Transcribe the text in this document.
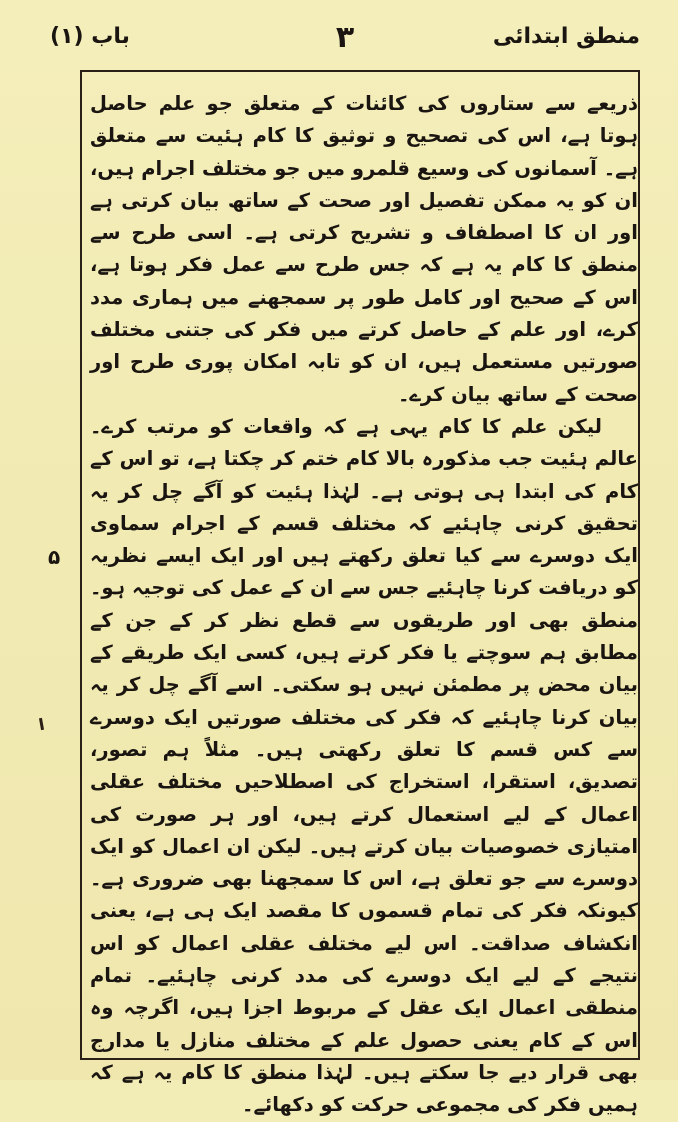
منطق ابتدائی
۳
باب (۱)
۵

ذریعے سے ستاروں کی کائنات کے متعلق جو علم حاصل ہوتا ہے، اس کی تصحیح و توثیق کا کام ہئیت سے متعلق ہے۔ آسمانوں کی وسیع قلمرو میں جو مختلف اجرام ہیں، ان کو یہ ممکن تفصیل اور صحت کے ساتھ بیان کرتی ہے اور ان کا اصطفاف و تشریح کرتی ہے۔ اسی طرح سے منطق کا کام یہ ہے کہ جس طرح سے عمل فکر ہوتا ہے، اس کے صحیح اور کامل طور پر سمجھنے میں ہماری مدد کرے، اور علم کے حاصل کرتے میں فکر کی جتنی مختلف صورتیں مستعمل ہیں، ان کو تابہ امکان پوری طرح اور صحت کے ساتھ بیان کرے۔

لیکن علم کا کام یہی ہے کہ واقعات کو مرتب کرے۔ عالم ہئیت جب مذکورہ بالا کام ختم کر چکتا ہے، تو اس کے کام کی ابتدا ہی ہوتی ہے۔ لہٰذا ہئیت کو آگے چل کر یہ تحقیق کرنی چاہئیے کہ مختلف قسم کے اجرام سماوی ایک دوسرے سے کیا تعلق رکھتے ہیں اور ایک ایسے نظریہ کو دریافت کرنا چاہئیے جس سے ان کے عمل کی توجیہ ہو۔ منطق بھی اور طریقوں سے قطع نظر کر کے جن کے مطابق ہم سوچتے یا فکر کرتے ہیں، کسی ایک طریقے کے بیان محض پر مطمئن نہیں ہو سکتی۔ اسے آگے چل کر یہ بیان کرنا چاہئیے کہ فکر کی مختلف صورتیں ایک دوسرے سے کس قسم کا تعلق رکھتی ہیں۔ مثلاً ہم تصور، تصدیق، استقرا، استخراج کی اصطلاحیں مختلف عقلی اعمال کے لیے استعمال کرتے ہیں، اور ہر صورت کی امتیازی خصوصیات بیان کرتے ہیں۔ لیکن ان اعمال کو ایک دوسرے سے جو تعلق ہے، اس کا سمجھنا بھی ضروری ہے۔ کیونکہ فکر کی تمام قسموں کا مقصد ایک ہی ہے، یعنی انکشاف صداقت۔ اس لیے مختلف عقلی اعمال کو اس نتیجے کے لیے ایک دوسرے کی مدد کرنی چاہئیے۔ تمام منطقی اعمال ایک عقل کے مربوط اجزا ہیں، اگرچہ وہ اس کے کام یعنی حصول علم کے مختلف منازل یا مدارج بھی قرار دیے جا سکتے ہیں۔ لہٰذا منطق کا کام یہ ہے کہ ہمیں فکر کی مجموعی حرکت کو دکھائے۔
